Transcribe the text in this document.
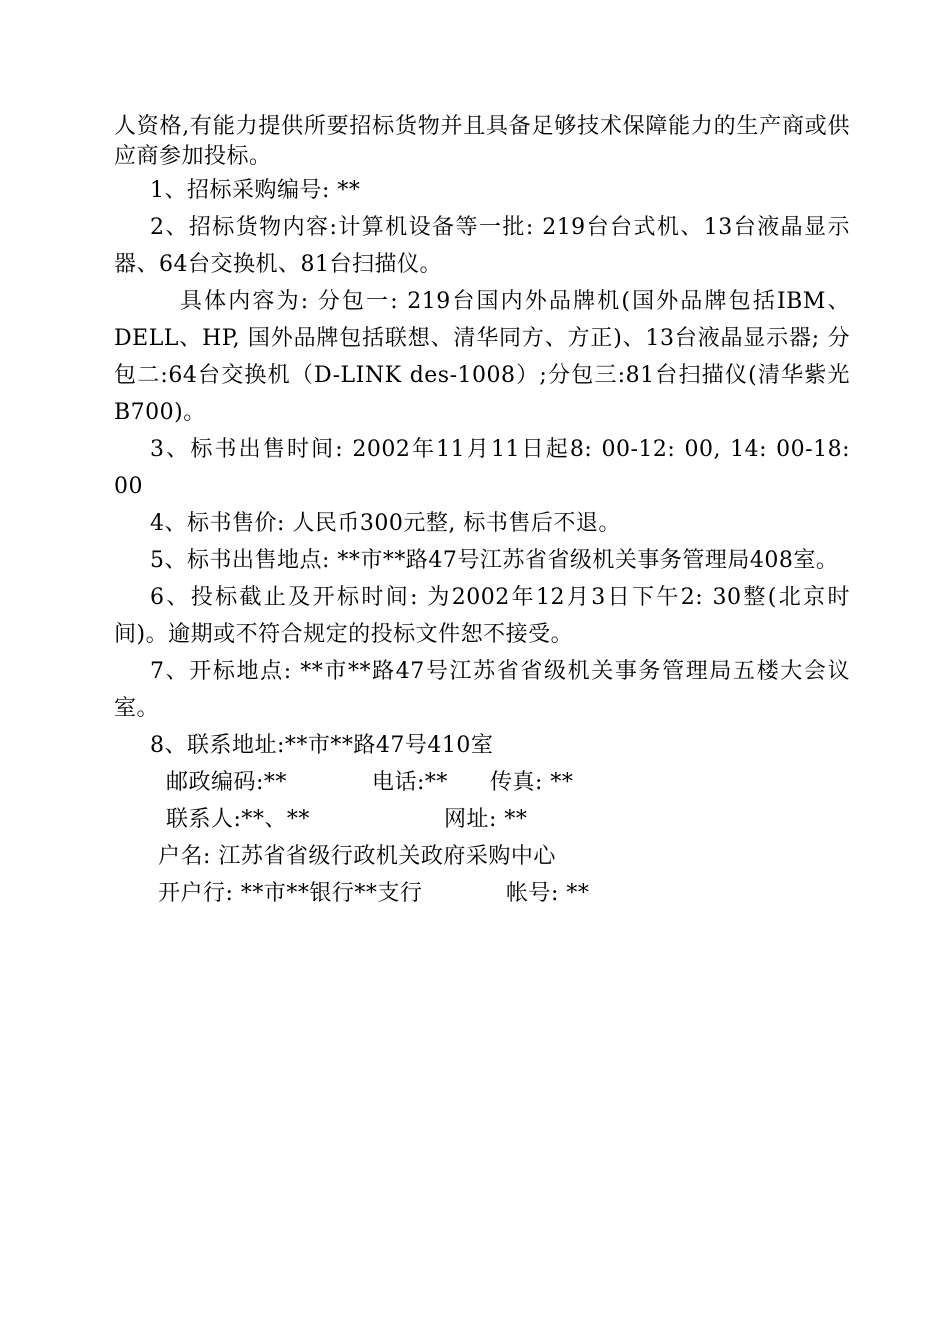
人资格,有能力提供所要招标货物并且具备足够技术保障能力的生产商或供应商参加投标。

1、招标采购编号: **

2、招标货物内容:计算机设备等一批: 219台台式机、13台液晶显示器、64台交换机、81台扫描仪。

具体内容为: 分包一: 219台国内外品牌机(国外品牌包括IBM、DELL、HP, 国外品牌包括联想、清华同方、方正)、13台液晶显示器; 分包二:64台交换机（D-LINK des-1008）;分包三:81台扫描仪(清华紫光B700)。

3、标书出售时间: 2002年11月11日起8: 00-12: 00, 14: 00-18: 00

4、标书售价: 人民币300元整, 标书售后不退。

5、标书出售地点: **市**路47号江苏省省级机关事务管理局408室。

6、投标截止及开标时间: 为2002年12月3日下午2: 30整(北京时间)。逾期或不符合规定的投标文件恕不接受。

7、开标地点: **市**路47号江苏省省级机关事务管理局五楼大会议室。

8、联系地址:**市**路47号410室

邮政编码:**	电话:** 传真: **
联系人:**、**	网址: **
户名: 江苏省省级行政机关政府采购中心
开户行: **市**银行**支行	帐号: **
